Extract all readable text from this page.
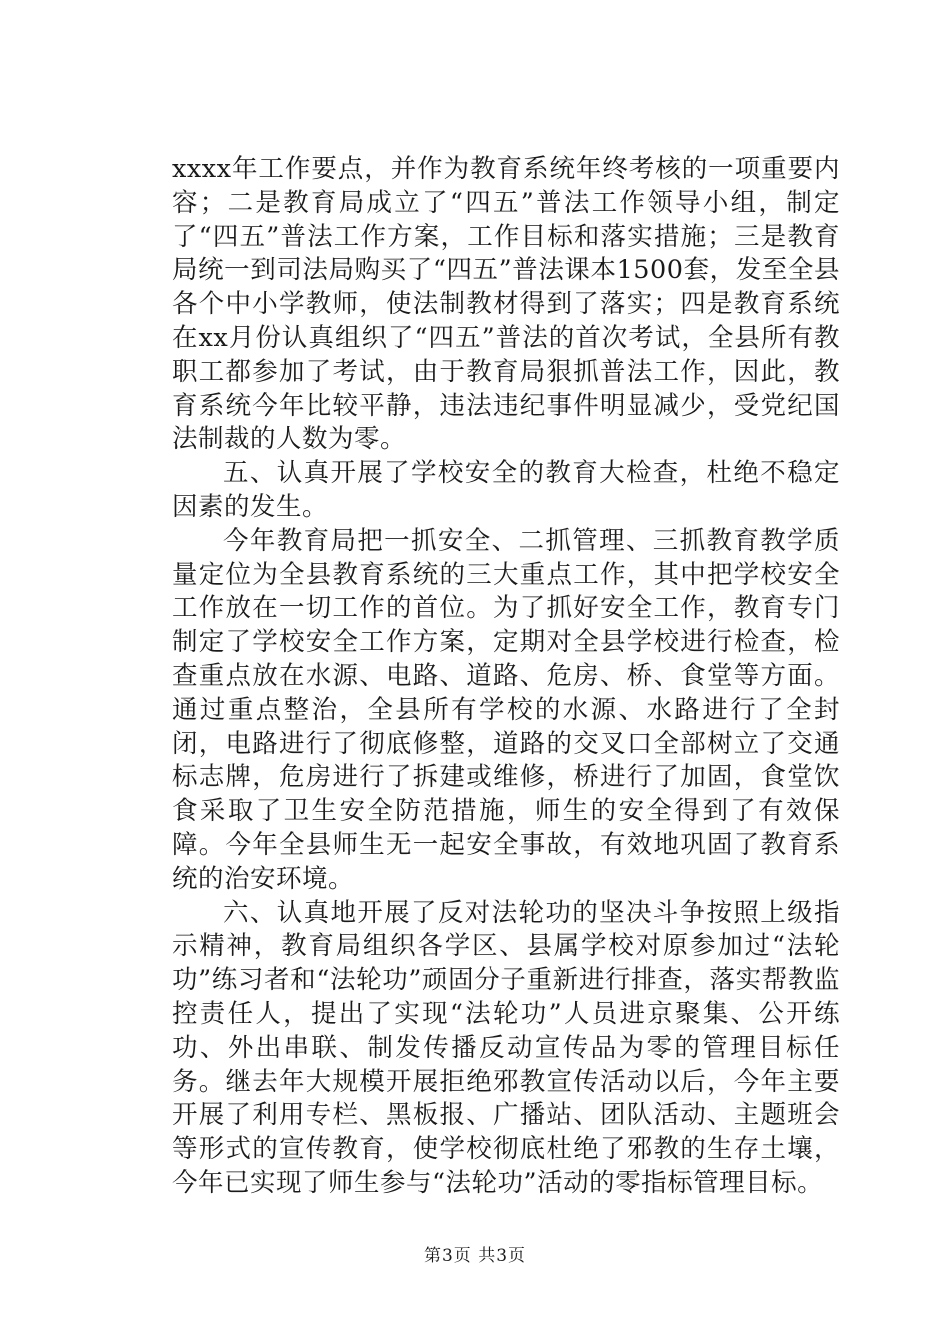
xxxx年工作要点，并作为教育系统年终考核的一项重要内容；二是教育局成立了“四五”普法工作领导小组，制定了“四五”普法工作方案，工作目标和落实措施；三是教育局统一到司法局购买了“四五”普法课本1500套，发至全县各个中小学教师，使法制教材得到了落实；四是教育系统在xx月份认真组织了“四五”普法的首次考试，全县所有教职工都参加了考试，由于教育局狠抓普法工作，因此，教育系统今年比较平静，违法违纪事件明显减少，受党纪国法制裁的人数为零。

五、认真开展了学校安全的教育大检查，杜绝不稳定因素的发生。

今年教育局把一抓安全、二抓管理、三抓教育教学质量定位为全县教育系统的三大重点工作，其中把学校安全工作放在一切工作的首位。为了抓好安全工作，教育专门制定了学校安全工作方案，定期对全县学校进行检查，检查重点放在水源、电路、道路、危房、桥、食堂等方面。通过重点整治，全县所有学校的水源、水路进行了全封闭，电路进行了彻底修整，道路的交叉口全部树立了交通标志牌，危房进行了拆建或维修，桥进行了加固，食堂饮食采取了卫生安全防范措施，师生的安全得到了有效保障。今年全县师生无一起安全事故，有效地巩固了教育系统的治安环境。

六、认真地开展了反对法轮功的坚决斗争按照上级指示精神，教育局组织各学区、县属学校对原参加过“法轮功”练习者和“法轮功”顽固分子重新进行排查，落实帮教监控责任人，提出了实现“法轮功”人员进京聚集、公开练功、外出串联、制发传播反动宣传品为零的管理目标任务。继去年大规模开展拒绝邪教宣传活动以后，今年主要开展了利用专栏、黑板报、广播站、团队活动、主题班会等形式的宣传教育，使学校彻底杜绝了邪教的生存土壤，今年已实现了师生参与“法轮功”活动的零指标管理目标。

第3页 共3页
